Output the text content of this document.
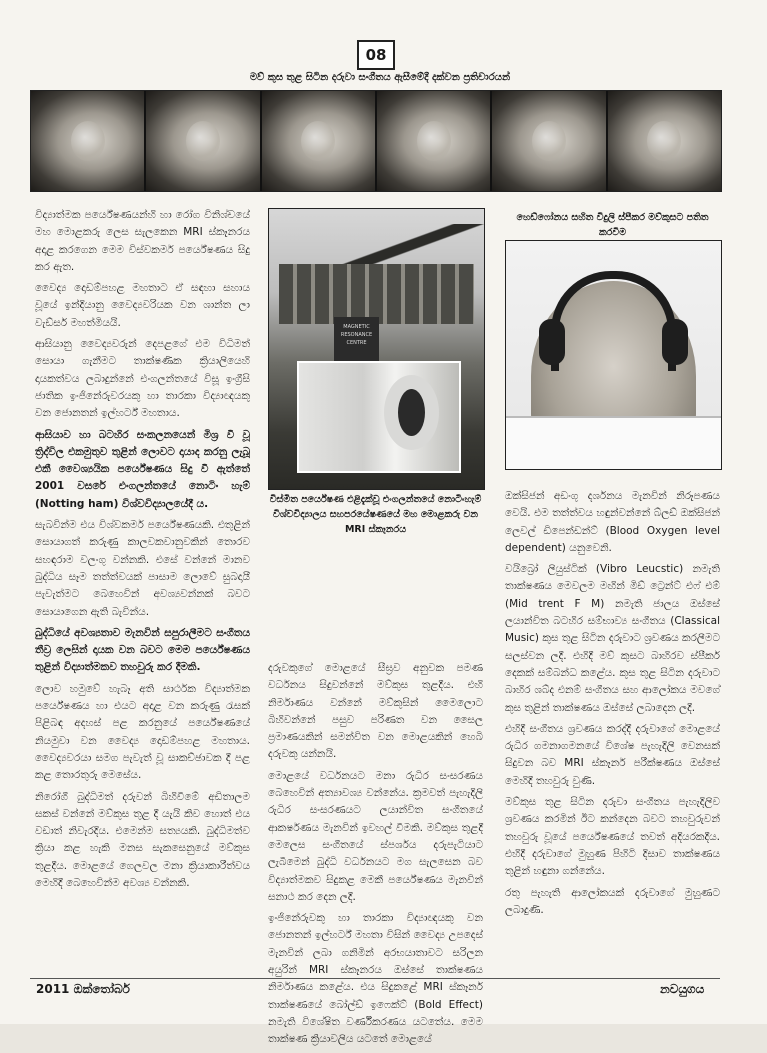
08
මව් කුස තුළ සිටින දරුවා සංගීතය ඇසීමේදී දක්වන ප්‍රතිචාරයන්

විද්‍යාත්මක පර්යේෂණයන්හි හා රෝග විනිශ්චයේ මහ මොළකරු ලෙස සැලකෙන MRI ස්කෑනරය අදාළ කරගෙන මෙම විස්වකර්ම පර්යේෂණය සිදු කර ඇත.

වෛද්‍ය දොඩම්පහළ මහතාට ඒ සඳහා සහාය වූයේ ඉන්දියානු වෛද්‍යවරියක වන ශාන්ත ලා වැඩ්සර් මහත්මියයි.

ආසියානු වෛද්‍යවරුන් දෙපළගේ එම විධිමත් සොයා ගැනීමට තාක්ෂණික ක්‍රියාලියෙහි දායකත්වය ලබාදුන්නේ එංගලන්තයේ විසූ ඉංග්‍රීසි ජාතික ඉංජිනේරුවරයකු හා තාරකා විද්‍යාඥයකු වන ජොනතන් ඉල්හර්ට් මහතාය.

ආසියාව හා බටහිර සංකලනයෙන් මිශ්‍ර වී වූ ත්‍රිද්විල එකමුතුව තුළින් ලොවට දායාද කරනු ලැබූ එකී වෛශ්‍යයික පර්යේෂණය සිදු වී ඇත්තේ 2001 වසරේ එංගලන්තයේ නොටිං හැම් (Notting ham) විශ්වවිද්‍යාලයේදී ය.

සැබවින්ම එය විශ්වකර්ම පර්යේෂණයකි. එතුළින් සොයාගත් කරුණු කාලවකවානුවකින් තොරව සහඳරාම වලංගු වන්නකි. එසේ වන්නේ මානව බුද්ධිය සෑම තත්ත්වයක් පාසාම ලොවේ සුබදායී පැවැත්මට බෙහෙවින් අවශ්‍යවන්නක් බවට සොයාගෙන ඇති බැවින්ය.

බුද්ධියේ අවශ්‍යතාව මැනවින් සපුරාලීමට සංගීතය තීව්‍ර ලෙසින් දායක වන බවට මෙම පර්යේෂණය තුළින් විද්‍යාත්මකව තහවුරු කර දීමකි.

ලොව හමුවේ හැබෑ අති සාර්ථක විද්‍යාත්මක පර්යේෂණය හා එයට අදාළ වන කරුණු රැසක් පිළිබඳ අදහස් පළ කරනුයේ පර්යේෂණයේ නියමුවා වන වෛද්‍ය දොඩම්පහළ මහතාය. වෛද්‍යවරයා සමග පැවැත් වූ සාකච්ඡාවක දී පළ කළ තොරතුරු මෙසේය.

නිරෝගී බුද්ධිමත් දරුවන් බිහිවීමේ අඩිතාලම සකස් වන්නේ මව්කුස තුළ දී යැයි කිව හොත් එය වඩාත් නිවැරදිය. එමෙන්ම සත්‍යයකි. බුද්ධිමත්ව ක්‍රියා කළ හැකි මනස සැකසෙනුයේ මව්කුස තුළදීය. මොළයේ ගෙලවල මනා ක්‍රියාකාරීත්වය මෙහිදී බෙහෙවින්ම අවශ්‍ය වන්නකි.

MAGNETIC RESONANCE CENTRE
විස්මිත පර්යේෂණ එළිදැක්වූ එංගලන්තයේ නොටිංහැම් විශ්වවිද්‍යාලය සහපරයේෂණයේ මහ මොළකරු වන MRI ස්කෑනරය

දරුවකුගේ මොළයේ සීඝ්‍රව අනුවක පමණ වර්ධනය සිදුවන්නේ මව්කුස තුළදීය. එහි නිර්මාණය වන්නේ මව්කුසින් මෛලොට බිහිවන්නේ පසුව පරිණත වන සෛල ප්‍රමාණයකින් සමන්විත වන මොළයකින් හෙබි දරුවකු යන්නයි.

මොළයේ වර්ධනයට මනා රුධිර සංසරණය බෙහෙවින් අත්‍යාවශ්‍ය වන්නේය. ක්‍රමවත් පැහැදිලි රුධිර සංසරණයට ලයාන්විත සංගීතයේ ආකර්ෂණය මැනවින් ඉවහල් වීමකි. මව්කුස තුළදී මෙලෙස සංගීතයේ ස්පර්ශය දරුපැටියාට ලැබීමෙන් බුද්ධි වර්ධනයට මග සැලසෙන බව විද්‍යාත්මකව සිදුකළ මෙකී පර්යේෂණය මැනවින් සනාථ කර දෙන ලදී.

ඉංජිනේරුවකු හා තාරකා විද්‍යාඥයකු වන ජොනතන් ඉල්හර්ට් මහතා විසින් වෛද්‍ය උපදෙස් මැනවින් ලබා ගනිමින් අරභයාතාවට සරිලන අයුරින් MRI ස්කෑනරය ඔස්සේ තාක්ෂණය නිර්මාණය කළේය. එය සිදුකළේ MRI ස්කෑනර් තාක්ෂණයේ බෝල්ඩ් ඉෆෙක්ට් (Bold Effect) නමැති විශේෂිත වර්ණීකරණය යටතේය. මෙම තාක්ෂණ ක්‍රියාවලිය යටතේ මොළයේ

හෙඩ්ෆෝනය සහිත විදුලි ස්පීකර මව්කුසට පතිත කරවීම

ඔක්සිජන් අඩංගු දර්ශනය මැනවින් නිරූපණය වෙයි. එම තත්ත්වය හඳුන්වන්නේ බ්ලඩ් ඔක්සිජන් ලෙවල් ඩිපෙන්ඩන්ට් (Blood Oxygen level dependent) යනුවෙනි.

වයිබ්‍රෝ ලියුස්ටික් (Vibro Leucstic) නමැති තාක්ෂණය මෙවලම මඟින් මිඩ් ට්‍රෙන්ට් එෆ් එම් (Mid trent F M) නමැති ජාලය ඔස්සේ ලයාන්විත බටහිර සම්භාව්‍ය සංගීතය (Classical Music) කුස තුළ සිටින දරුවාට ශ්‍රවණය කරලීමට සලස්වන ලදී. එහිදී මව් කුසට බාහිරව ස්පීකර් දෙකක් සම්බන්ධ කළේය. කුස තුළ සිටින දරුවාට බාහිර ශබ්ද එනම් සංගීතය සහ ආලෝකය මවගේ කුස තුළින් තාක්ෂණය ඔස්සේ ලබාදෙන ලදී.

එහිදී සංගීතය ශ්‍රවණය කරද්දී දරුවාගේ මොළයේ රුධිර ගමනාගමනයේ විශේෂ පැහැදිලි වෙනසක් සිදුවන බව MRI ස්කෑනර් පරීක්ෂණය ඔස්සේ මෙහිදී තහවුරු වුණි.

මව්කුස තුළ සිටින දරුවා සංගීතය පැහැදිලිව ශ්‍රවණය කරමින් ඊට කන්දෙන බවට තහවුරුවන් තහවුරු වූයේ පර්යේෂණයේ තවත් අදියරකදීය. එහිදී දරුවාගේ මුහුණ පිහිටි දිසාව තාක්ෂණය තුළින් හඳුනා ගන්නේය.

රතු පැහැති ආලෝකයක් දරුවාගේ මුහුණට ලබාදුණි.

2011 ඔක්තෝබර්	නවයුගය
